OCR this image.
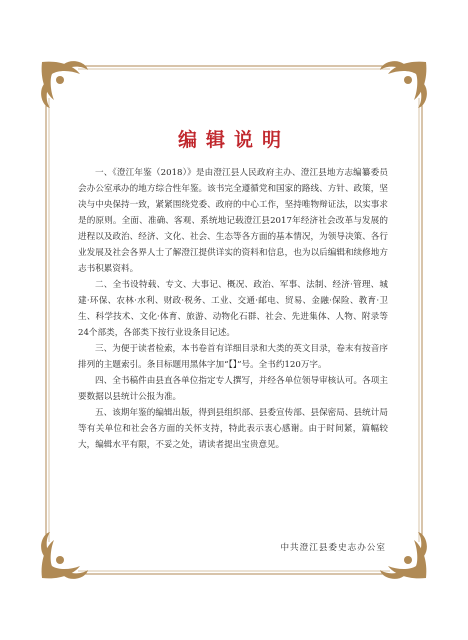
编辑说明

一、《澄江年鉴（2018）》是由澄江县人民政府主办、澄江县地方志编纂委员会办公室承办的地方综合性年鉴。该书完全遵循党和国家的路线、方针、政策，坚决与中央保持一致，紧紧围绕党委、政府的中心工作，坚持唯物辩证法，以实事求是的原则。全面、准确、客观、系统地记载澄江县2017年经济社会改革与发展的进程以及政治、经济、文化、社会、生态等各方面的基本情况，为领导决策、各行业发展及社会各界人士了解澄江提供详实的资料和信息，也为以后编辑和续修地方志书积累资料。

二、全书设特载、专文、大事记、概况、政治、军事、法制、经济·管理、城建·环保、农林·水利、财政·税务、工业、交通·邮电、贸易、金融·保险、教育·卫生、科学技术、文化·体育、旅游、动物化石群、社会、先进集体、人物、附录等24个部类，各部类下按行业设条目记述。

三、为便于读者检索，本书卷首有详细目录和大类的英文目录，卷末有按音序排列的主题索引。条目标题用黑体字加“【】”号。全书约120万字。

四、全书稿件由县直各单位指定专人撰写，并经各单位领导审核认可。各项主要数据以县统计公报为准。

五、该期年鉴的编辑出版，得到县组织部、县委宣传部、县保密局、县统计局等有关单位和社会各方面的关怀支持，特此表示衷心感谢。由于时间紧，篇幅较大，编辑水平有限，不妥之处，请读者提出宝贵意见。

中共澄江县委史志办公室
